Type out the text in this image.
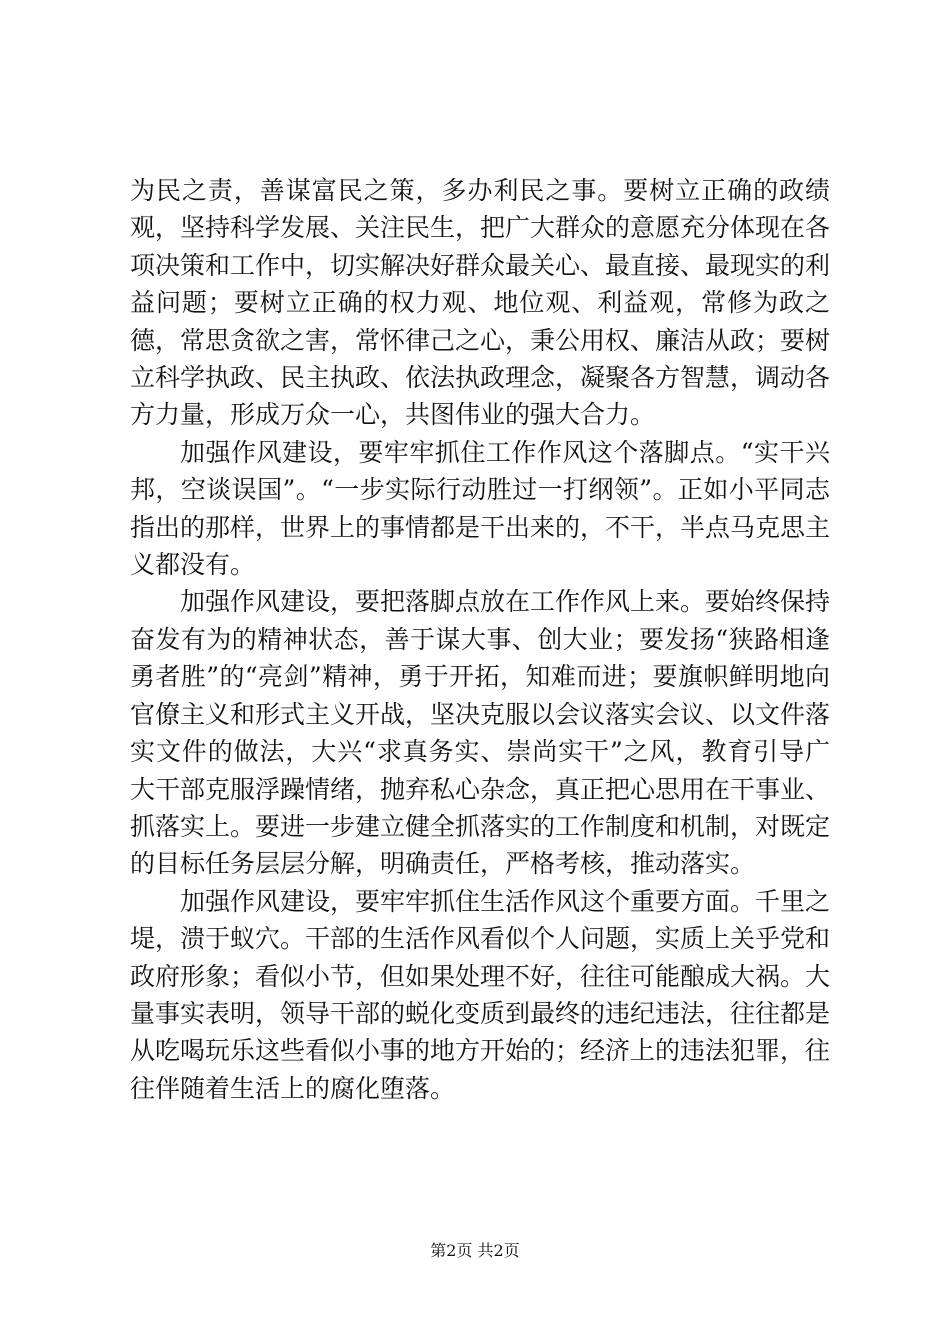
为民之责，善谋富民之策，多办利民之事。要树立正确的政绩观，坚持科学发展、关注民生，把广大群众的意愿充分体现在各项决策和工作中，切实解决好群众最关心、最直接、最现实的利益问题；要树立正确的权力观、地位观、利益观，常修为政之德，常思贪欲之害，常怀律己之心，秉公用权、廉洁从政；要树立科学执政、民主执政、依法执政理念，凝聚各方智慧，调动各方力量，形成万众一心，共图伟业的强大合力。

加强作风建设，要牢牢抓住工作作风这个落脚点。“实干兴邦，空谈误国”。“一步实际行动胜过一打纲领”。正如小平同志指出的那样，世界上的事情都是干出来的，不干，半点马克思主义都没有。

加强作风建设，要把落脚点放在工作作风上来。要始终保持奋发有为的精神状态，善于谋大事、创大业；要发扬“狭路相逢勇者胜”的“亮剑”精神，勇于开拓，知难而进；要旗帜鲜明地向官僚主义和形式主义开战，坚决克服以会议落实会议、以文件落实文件的做法，大兴“求真务实、崇尚实干”之风，教育引导广大干部克服浮躁情绪，抛弃私心杂念，真正把心思用在干事业、抓落实上。要进一步建立健全抓落实的工作制度和机制，对既定的目标任务层层分解，明确责任，严格考核，推动落实。

加强作风建设，要牢牢抓住生活作风这个重要方面。千里之堤，溃于蚁穴。干部的生活作风看似个人问题，实质上关乎党和政府形象；看似小节，但如果处理不好，往往可能酿成大祸。大量事实表明，领导干部的蜕化变质到最终的违纪违法，往往都是从吃喝玩乐这些看似小事的地方开始的；经济上的违法犯罪，往往伴随着生活上的腐化堕落。

第2页 共2页
